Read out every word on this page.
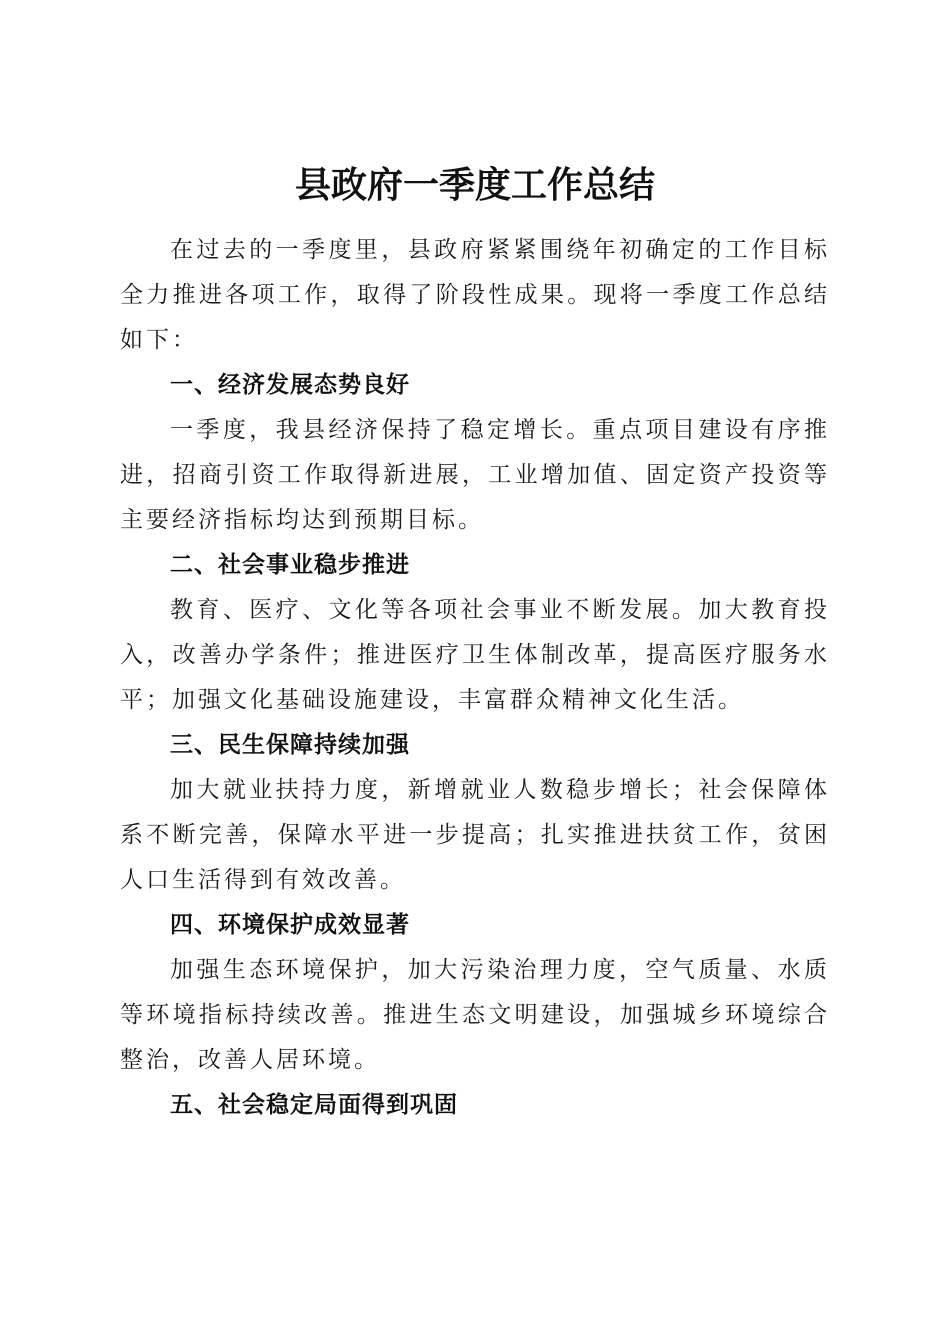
县政府一季度工作总结

在过去的一季度里，县政府紧紧围绕年初确定的工作目标全力推进各项工作，取得了阶段性成果。现将一季度工作总结如下：

一、经济发展态势良好

一季度，我县经济保持了稳定增长。重点项目建设有序推进，招商引资工作取得新进展，工业增加值、固定资产投资等主要经济指标均达到预期目标。

二、社会事业稳步推进

教育、医疗、文化等各项社会事业不断发展。加大教育投入，改善办学条件；推进医疗卫生体制改革，提高医疗服务水平；加强文化基础设施建设，丰富群众精神文化生活。

三、民生保障持续加强

加大就业扶持力度，新增就业人数稳步增长；社会保障体系不断完善，保障水平进一步提高；扎实推进扶贫工作，贫困人口生活得到有效改善。

四、环境保护成效显著

加强生态环境保护，加大污染治理力度，空气质量、水质等环境指标持续改善。推进生态文明建设，加强城乡环境综合整治，改善人居环境。

五、社会稳定局面得到巩固
